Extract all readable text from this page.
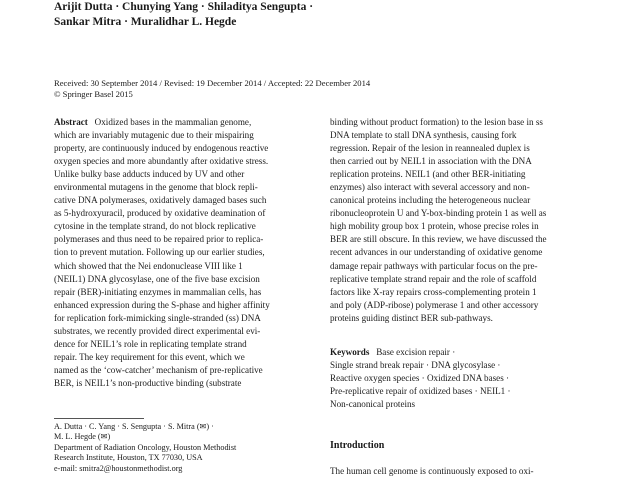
Arijit Dutta · Chunying Yang · Shiladitya Sengupta ·
Sankar Mitra · Muralidhar L. Hegde
Received: 30 September 2014 / Revised: 19 December 2014 / Accepted: 22 December 2014
© Springer Basel 2015
Abstract Oxidized bases in the mammalian genome,
which are invariably mutagenic due to their mispairing
property, are continuously induced by endogenous reactive
oxygen species and more abundantly after oxidative stress.
Unlike bulky base adducts induced by UV and other
environmental mutagens in the genome that block repli-
cative DNA polymerases, oxidatively damaged bases such
as 5-hydroxyuracil, produced by oxidative deamination of
cytosine in the template strand, do not block replicative
polymerases and thus need to be repaired prior to replica-
tion to prevent mutation. Following up our earlier studies,
which showed that the Nei endonuclease VIII like 1
(NEIL1) DNA glycosylase, one of the five base excision
repair (BER)-initiating enzymes in mammalian cells, has
enhanced expression during the S-phase and higher affinity
for replication fork-mimicking single-stranded (ss) DNA
substrates, we recently provided direct experimental evi-
dence for NEIL1’s role in replicating template strand
repair. The key requirement for this event, which we
named as the ‘cow-catcher’ mechanism of pre-replicative
BER, is NEIL1’s non-productive binding (substrate
binding without product formation) to the lesion base in ss
DNA template to stall DNA synthesis, causing fork
regression. Repair of the lesion in reannealed duplex is
then carried out by NEIL1 in association with the DNA
replication proteins. NEIL1 (and other BER-initiating
enzymes) also interact with several accessory and non-
canonical proteins including the heterogeneous nuclear
ribonucleoprotein U and Y-box-binding protein 1 as well as
high mobility group box 1 protein, whose precise roles in
BER are still obscure. In this review, we have discussed the
recent advances in our understanding of oxidative genome
damage repair pathways with particular focus on the pre-
replicative template strand repair and the role of scaffold
factors like X-ray repairs cross-complementing protein 1
and poly (ADP-ribose) polymerase 1 and other accessory
proteins guiding distinct BER sub-pathways.
Keywords Base excision repair ·
Single strand break repair · DNA glycosylase ·
Reactive oxygen species · Oxidized DNA bases ·
Pre-replicative repair of oxidized bases · NEIL1 ·
Non-canonical proteins
A. Dutta · C. Yang · S. Sengupta · S. Mitra (✉) ·
M. L. Hegde (✉)
Department of Radiation Oncology, Houston Methodist
Research Institute, Houston, TX 77030, USA
e-mail: smitra2@houstonmethodist.org
Introduction
The human cell genome is continuously exposed to oxi-
